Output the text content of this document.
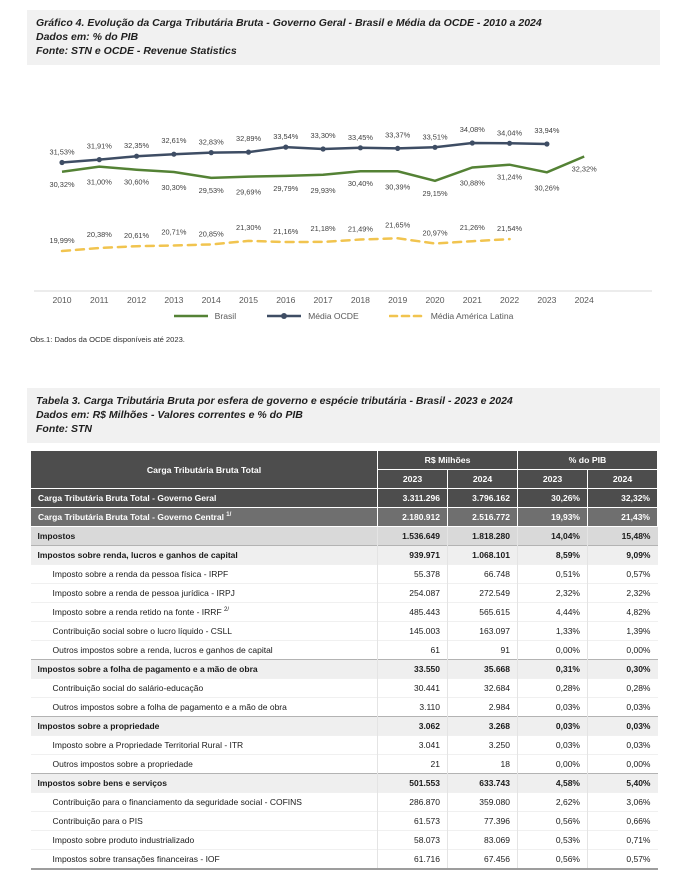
Gráfico 4. Evolução da Carga Tributária Bruta - Governo Geral - Brasil e Média da OCDE - 2010 a 2024
Dados em: % do PIB
Fonte: STN e OCDE - Revenue Statistics
2010 2011 2012 2013 2014 2015 2016 2017 2018 2019 2020 2021 2022 2023 2024
30,32% 31,00% 30,60%
30,30% 29,53% 29,69% 29,79% 29,93%
30,40% 30,39%
29,15%
30,88%
31,24%
30,26%
32,32%
31,53%
31,91% 32,35%
32,61% 32,83% 32,89% 33,54% 33,30% 33,45% 33,37% 33,51%
34,08% 34,04% 33,94%
19,99%
20,38% 20,61% 20,71% 20,85%
21,30% 21,16% 21,18% 21,49% 21,65%
20,97%
21,26% 21,54%
Brasil	Média OCDE	Média América Latina
Obs.1: Dados da OCDE disponíveis até 2023.
Tabela 3. Carga Tributária Bruta por esfera de governo e espécie tributária - Brasil - 2023 e 2024
Dados em: R$ Milhões - Valores correntes e % do PIB
Fonte: STN
Carga Tributária Bruta Total	R$ Milhões		% do PIB	
	2023	2024	2023	2024
Carga Tributária Bruta Total - Governo Geral	3.311.296	3.796.162	30,26%	32,32%
Carga Tributária Bruta Total - Governo Central $^{1/}$	2.180.912	2.516.772	19,93%	21,43%
Impostos	1.536.649	1.818.280	14,04%	15,48%
Impostos sobre renda, lucros e ganhos de capital	939.971	1.068.101	8,59%	9,09%
Imposto sobre a renda da pessoa física - IRPF	55.378	66.748	0,51%	0,57%
Imposto sobre a renda de pessoa jurídica - IRPJ	254.087	272.549	2,32%	2,32%
Imposto sobre a renda retido na fonte - IRRF $^{2/}$	485.443	565.615	4,44%	4,82%
Contribuição social sobre o lucro líquido - CSLL	145.003	163.097	1,33%	1,39%
Outros impostos sobre a renda, lucros e ganhos de capital	61	91	0,00%	0,00%
Impostos sobre a folha de pagamento e a mão de obra	33.550	35.668	0,31%	0,30%
Contribuição social do salário-educação	30.441	32.684	0,28%	0,28%
Outros impostos sobre a folha de pagamento e a mão de obra	3.110	2.984	0,03%	0,03%
Impostos sobre a propriedade	3.062	3.268	0,03%	0,03%
Imposto sobre a Propriedade Territorial Rural - ITR	3.041	3.250	0,03%	0,03%
Outros impostos sobre a propriedade	21	18	0,00%	0,00%
Impostos sobre bens e serviços	501.553	633.743	4,58%	5,40%
Contribuição para o financiamento da seguridade social - COFINS	286.870	359.080	2,62%	3,06%
Contribuição para o PIS	61.573	77.396	0,56%	0,66%
Imposto sobre produto industrializado	58.073	83.069	0,53%	0,71%
Impostos sobre transações financeiras - IOF	61.716	67.456	0,56%	0,57%
